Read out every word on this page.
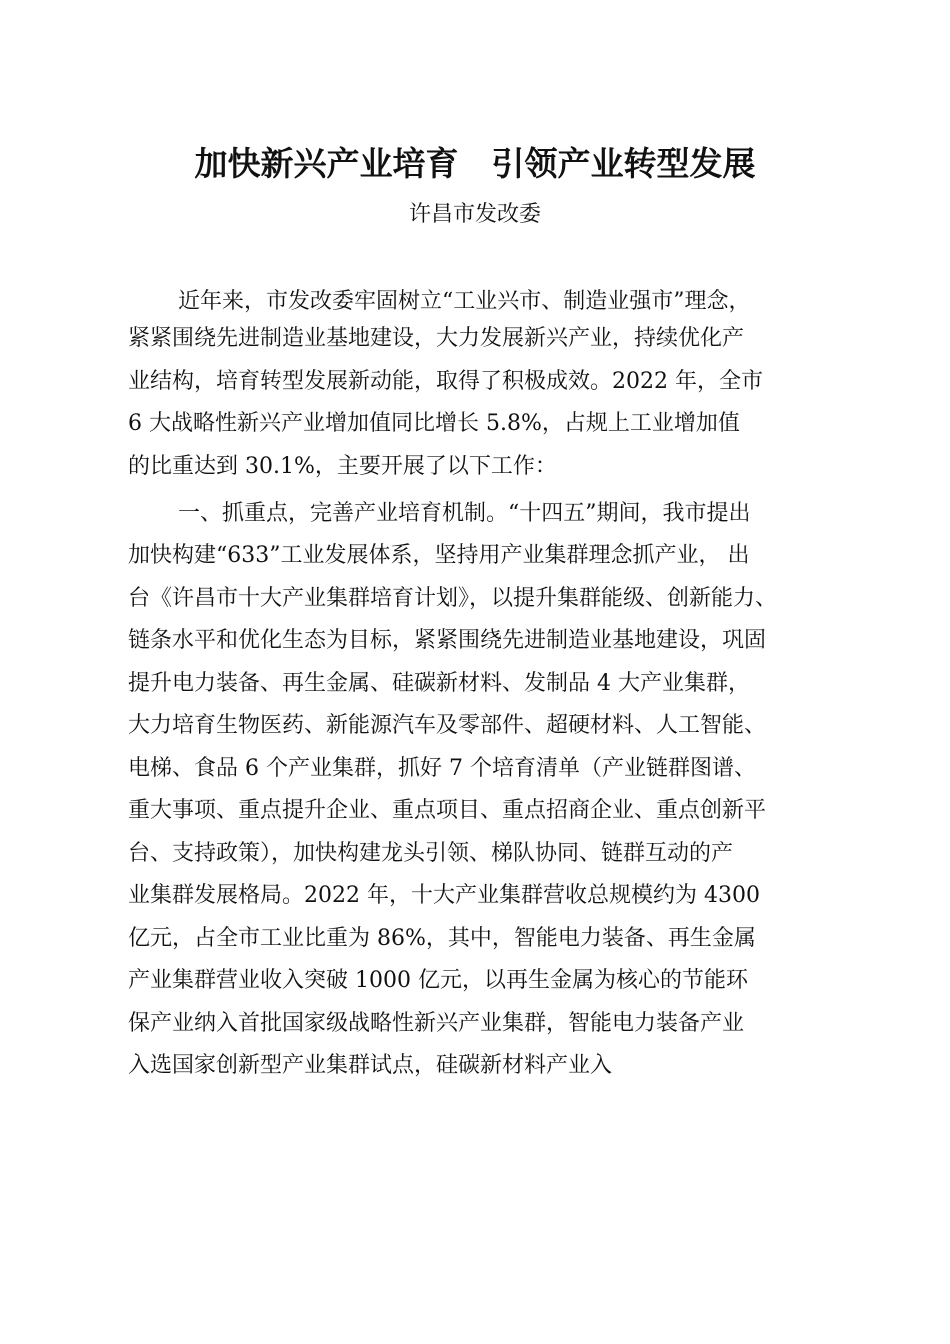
加快新兴产业培育　引领产业转型发展
许昌市发改委
近年来，市发改委牢固树立“工业兴市、制造业强市”理念，
紧紧围绕先进制造业基地建设，大力发展新兴产业，持续优化产
业结构，培育转型发展新动能，取得了积极成效。2022 年，全市
6 大战略性新兴产业增加值同比增长 5.8%，占规上工业增加值
的比重达到 30.1%，主要开展了以下工作：
一、抓重点，完善产业培育机制。“十四五”期间，我市提出
加快构建“633”工业发展体系，坚持用产业集群理念抓产业， 出
台《许昌市十大产业集群培育计划》，以提升集群能级、创新能力、
链条水平和优化生态为目标，紧紧围绕先进制造业基地建设，巩固
提升电力装备、再生金属、硅碳新材料、发制品 4 大产业集群，
大力培育生物医药、新能源汽车及零部件、超硬材料、人工智能、
电梯、食品 6 个产业集群，抓好 7 个培育清单（产业链群图谱、
重大事项、重点提升企业、重点项目、重点招商企业、重点创新平
台、支持政策），加快构建龙头引领、梯队协同、链群互动的产
业集群发展格局。2022 年，十大产业集群营收总规模约为 4300
亿元，占全市工业比重为 86%，其中，智能电力装备、再生金属
产业集群营业收入突破 1000 亿元，以再生金属为核心的节能环
保产业纳入首批国家级战略性新兴产业集群，智能电力装备产业
入选国家创新型产业集群试点，硅碳新材料产业入
